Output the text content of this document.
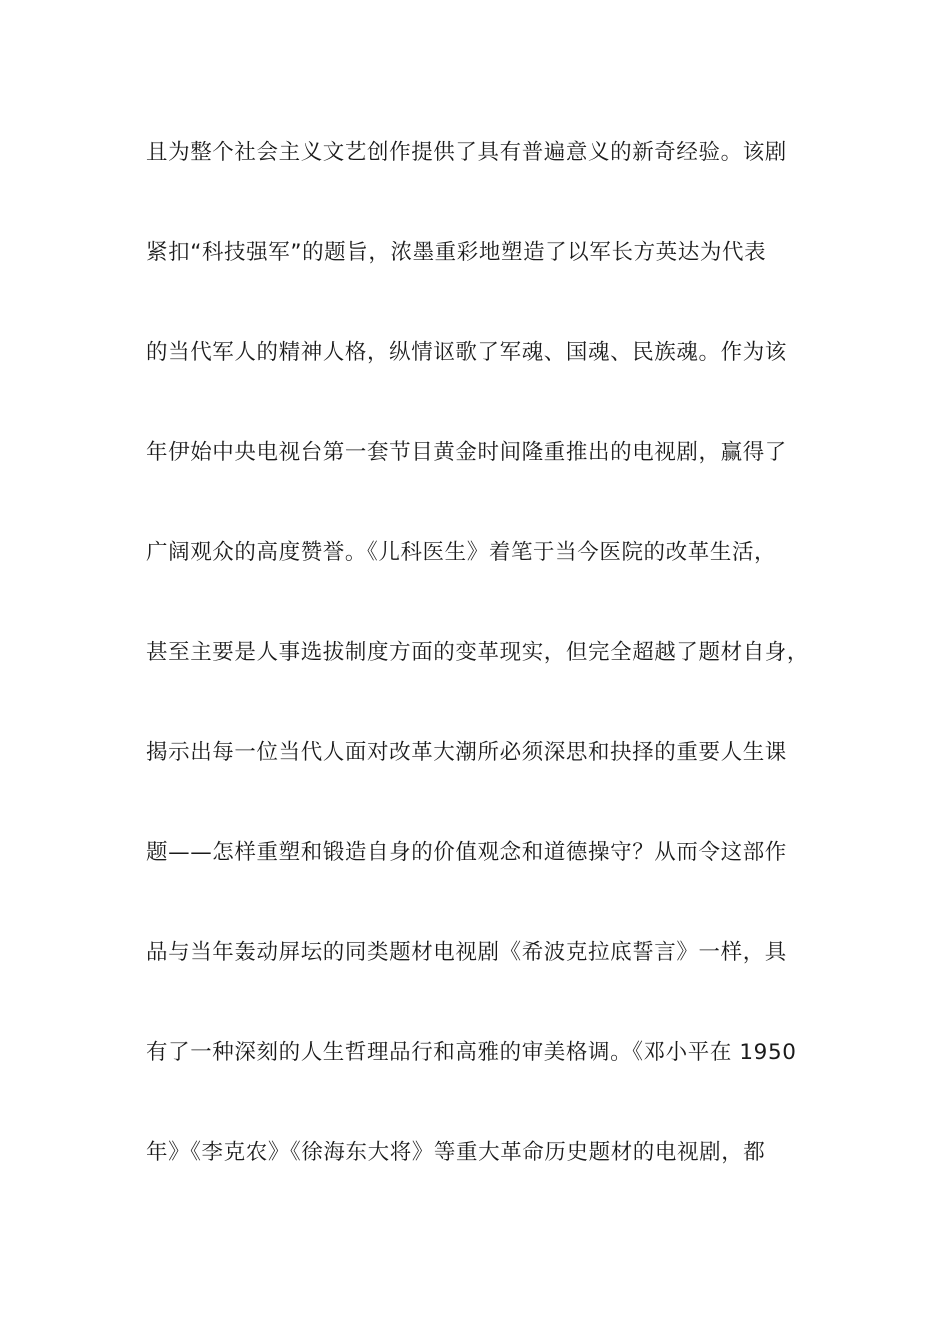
且为整个社会主义文艺创作提供了具有普遍意义的新奇经验。该剧
紧扣“科技强军”的题旨，浓墨重彩地塑造了以军长方英达为代表
的当代军人的精神人格，纵情讴歌了军魂、国魂、民族魂。作为该
年伊始中央电视台第一套节目黄金时间隆重推出的电视剧，赢得了
广阔观众的高度赞誉。《儿科医生》着笔于当今医院的改革生活，
甚至主要是人事选拔制度方面的变革现实，但完全超越了题材自身，
揭示出每一位当代人面对改革大潮所必须深思和抉择的重要人生课
题——怎样重塑和锻造自身的价值观念和道德操守？从而令这部作
品与当年轰动屏坛的同类题材电视剧《希波克拉底誓言》一样，具
有了一种深刻的人生哲理品行和高雅的审美格调。《邓小平在 1950
年》《李克农》《徐海东大将》等重大革命历史题材的电视剧，都
